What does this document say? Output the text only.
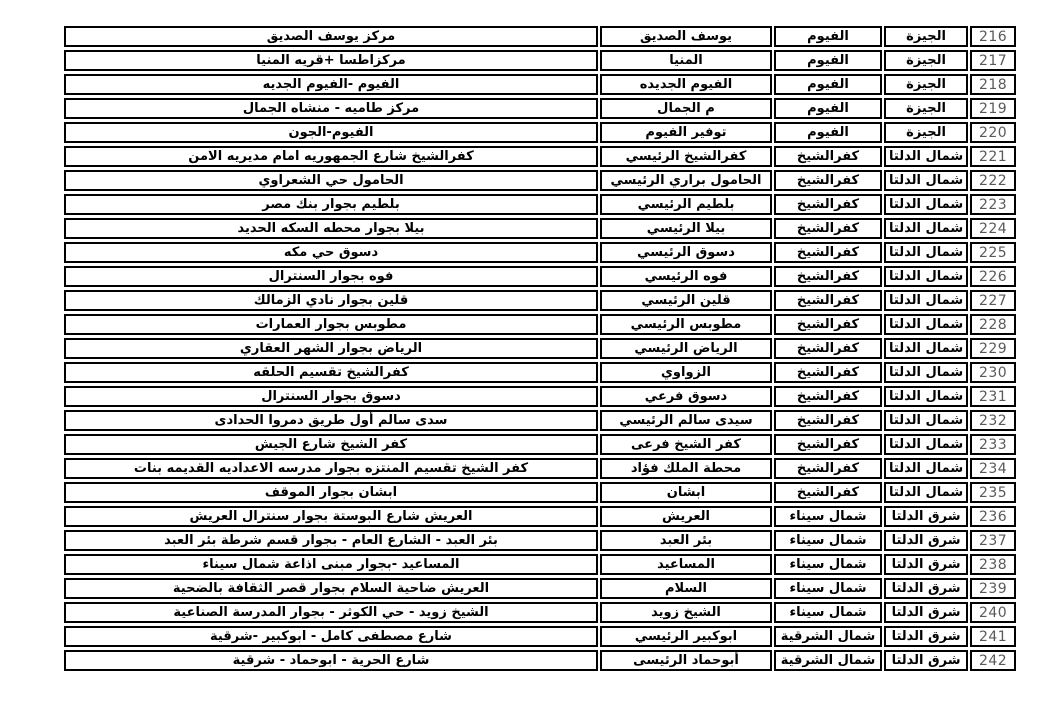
216	الجيزة	الفيوم	يوسف الصديق	مركز يوسف الصديق
217	الجيزة	الفيوم	المنيا	مركزاطسا +قريه المنيا
218	الجيزة	الفيوم	الفيوم الجديده	الفيوم -الفيوم الجديه
219	الجيزة	الفيوم	م الجمال	مركز طاميه - منشاه الجمال
220	الجيزة	الفيوم	توفير الفيوم	الفيوم-الجون
221	شمال الدلتا	كفرالشيخ	كفرالشيخ الرئيسي	كفرالشيخ شارع الجمهوريه امام مديريه الامن
222	شمال الدلتا	كفرالشيخ	الحامول براري الرئيسي	الحامول حي الشعراوي
223	شمال الدلتا	كفرالشيخ	بلطيم الرئيسي	بلطيم بجوار بنك مصر
224	شمال الدلتا	كفرالشيخ	بيلا الرئيسي	بيلا بجوار محطه السكه الحديد
225	شمال الدلتا	كفرالشيخ	دسوق الرئيسي	دسوق حي مكه
226	شمال الدلتا	كفرالشيخ	فوه الرئيسي	فوه بجوار السنترال
227	شمال الدلتا	كفرالشيخ	قلين الرئيسي	قلين بجوار نادي الزمالك
228	شمال الدلتا	كفرالشيخ	مطوبس الرئيسي	مطوبس بجوار العمارات
229	شمال الدلتا	كفرالشيخ	الرياض الرئيسي	الرياض بجوار الشهر العقاري
230	شمال الدلتا	كفرالشيخ	الزواوي	كفرالشيخ تقسيم الحلقه
231	شمال الدلتا	كفرالشيخ	دسوق فرعي	دسوق بجوار السنترال
232	شمال الدلتا	كفرالشيخ	سيدى سالم الرئيسي	سدى سالم أول طريق دمروا الحدادى
233	شمال الدلتا	كفرالشيخ	كفر الشيخ فرعى	كفر الشيخ شارع الجيش
234	شمال الدلتا	كفرالشيخ	محطة الملك فؤاد	كفر الشيخ تقسيم المنتزه بجوار مدرسه الاعداديه القديمه بنات
235	شمال الدلتا	كفرالشيخ	ابشان	ابشان بجوار الموقف
236	شرق الدلتا	شمال سيناء	العريش	العريش شارع البوستة بجوار سنترال العريش
237	شرق الدلتا	شمال سيناء	بئر العبد	بئر العبد - الشارع العام - بجوار قسم شرطة بئر العبد
238	شرق الدلتا	شمال سيناء	المساعيد	المساعيد -بجوار مبنى اذاعة شمال سيناء
239	شرق الدلتا	شمال سيناء	السلام	العريش ضاحية السلام بجوار قصر الثقافة بالضحية
240	شرق الدلتا	شمال سيناء	الشيخ زويد	الشيخ زويد - حي الكوثر - بجوار المدرسة الصناعية
241	شرق الدلتا	شمال الشرقية	ابوكبير الرئيسي	شارع مصطفى كامل - ابوكبير -شرقية
242	شرق الدلتا	شمال الشرقية	أبوحماد الرئيسى	شارع الحرية - ابوحماد - شرقية
